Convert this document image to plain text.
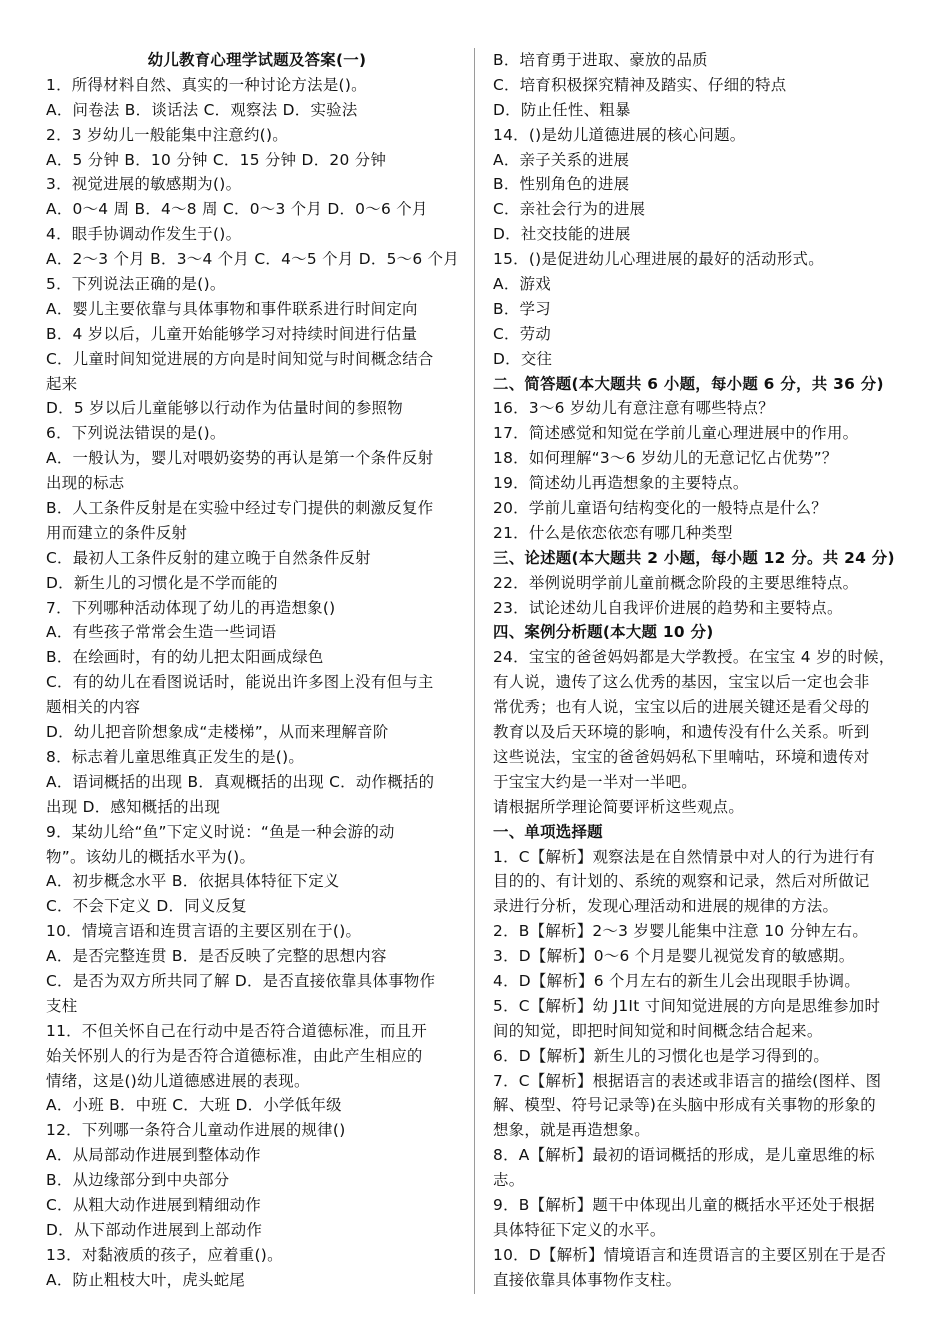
幼儿教育心理学试题及答案(一)
1．所得材料自然、真实的一种讨论方法是()。
A．问卷法 B．谈话法 C．观察法 D．实验法
2．3 岁幼儿一般能集中注意约()。
A．5 分钟 B．10 分钟 C．15 分钟 D．20 分钟
3．视觉进展的敏感期为()。
A．0～4 周 B．4～8 周 C．0～3 个月 D．0～6 个月
4．眼手协调动作发生于()。
A．2～3 个月 B．3～4 个月 C．4～5 个月 D．5～6 个月
5．下列说法正确的是()。
A．婴儿主要依靠与具体事物和事件联系进行时间定向
B．4 岁以后，儿童开始能够学习对持续时间进行估量
C．儿童时间知觉进展的方向是时间知觉与时间概念结合
起来
D．5 岁以后儿童能够以行动作为估量时间的参照物
6．下列说法错误的是()。
A．一般认为，婴儿对喂奶姿势的再认是第一个条件反射
出现的标志
B．人工条件反射是在实验中经过专门提供的刺激反复作
用而建立的条件反射
C．最初人工条件反射的建立晚于自然条件反射
D．新生儿的习惯化是不学而能的
7．下列哪种活动体现了幼儿的再造想象()
A．有些孩子常常会生造一些词语
B．在绘画时，有的幼儿把太阳画成绿色
C．有的幼儿在看图说话时，能说出许多图上没有但与主
题相关的内容
D．幼儿把音阶想象成“走楼梯”，从而来理解音阶
8．标志着儿童思维真正发生的是()。
A．语词概括的出现 B．真观概括的出现 C．动作概括的
出现 D．感知概括的出现
9．某幼儿给“鱼”下定义时说：“鱼是一种会游的动
物”。该幼儿的概括水平为()。
A．初步概念水平 B．依据具体特征下定义
C．不会下定义 D．同义反复
10．情境言语和连贯言语的主要区别在于()。
A．是否完整连贯 B．是否反映了完整的思想内容
C．是否为双方所共同了解 D．是否直接依靠具体事物作
支柱
11．不但关怀自己在行动中是否符合道德标准，而且开
始关怀别人的行为是否符合道德标准，由此产生相应的
情绪，这是()幼儿道德感进展的表现。
A．小班 B．中班 C．大班 D．小学低年级
12．下列哪一条符合儿童动作进展的规律()
A．从局部动作进展到整体动作
B．从边缘部分到中央部分
C．从粗大动作进展到精细动作
D．从下部动作进展到上部动作
13．对黏液质的孩子，应着重()。
A．防止粗枝大叶，虎头蛇尾
B．培育勇于进取、豪放的品质
C．培育积极探究精神及踏实、仔细的特点
D．防止任性、粗暴
14．()是幼儿道德进展的核心问题。
A．亲子关系的进展
B．性别角色的进展
C．亲社会行为的进展
D．社交技能的进展
15．()是促进幼儿心理进展的最好的活动形式。
A．游戏
B．学习
C．劳动
D．交往
二、简答题(本大题共 6 小题，每小题 6 分，共 36 分)
16．3～6 岁幼儿有意注意有哪些特点？
17．简述感觉和知觉在学前儿童心理进展中的作用。
18．如何理解“3～6 岁幼儿的无意记忆占优势”？
19．简述幼儿再造想象的主要特点。
20．学前儿童语句结构变化的一般特点是什么？
21．什么是依恋依恋有哪几种类型
三、论述题(本大题共 2 小题，每小题 12 分。共 24 分)
22．举例说明学前儿童前概念阶段的主要思维特点。
23．试论述幼儿自我评价进展的趋势和主要特点。
四、案例分析题(本大题 10 分)
24．宝宝的爸爸妈妈都是大学教授。在宝宝 4 岁的时候，
有人说，遗传了这么优秀的基因，宝宝以后一定也会非
常优秀；也有人说，宝宝以后的进展关键还是看父母的
教育以及后天环境的影响，和遗传没有什么关系。听到
这些说法，宝宝的爸爸妈妈私下里喃咕，环境和遗传对
于宝宝大约是一半对一半吧。
请根据所学理论简要评析这些观点。
一、单项选择题
1．C【解析】观察法是在自然情景中对人的行为进行有
目的的、有计划的、系统的观察和记录，然后对所做记
录进行分析，发现心理活动和进展的规律的方法。
2．B【解析】2～3 岁婴儿能集中注意 10 分钟左右。
3．D【解析】0～6 个月是婴儿视觉发育的敏感期。
4．D【解析】6 个月左右的新生儿会出现眼手协调。
5．C【解析】幼 J1It 寸间知觉进展的方向是思维参加时
间的知觉，即把时间知觉和时间概念结合起来。
6．D【解析】新生儿的习惯化也是学习得到的。
7．C【解析】根据语言的表述或非语言的描绘(图样、图
解、模型、符号记录等)在头脑中形成有关事物的形象的
想象，就是再造想象。
8．A【解析】最初的语词概括的形成，是儿童思维的标
志。
9．B【解析】题干中体现出儿童的概括水平还处于根据
具体特征下定义的水平。
10．D【解析】情境语言和连贯语言的主要区别在于是否
直接依靠具体事物作支柱。
